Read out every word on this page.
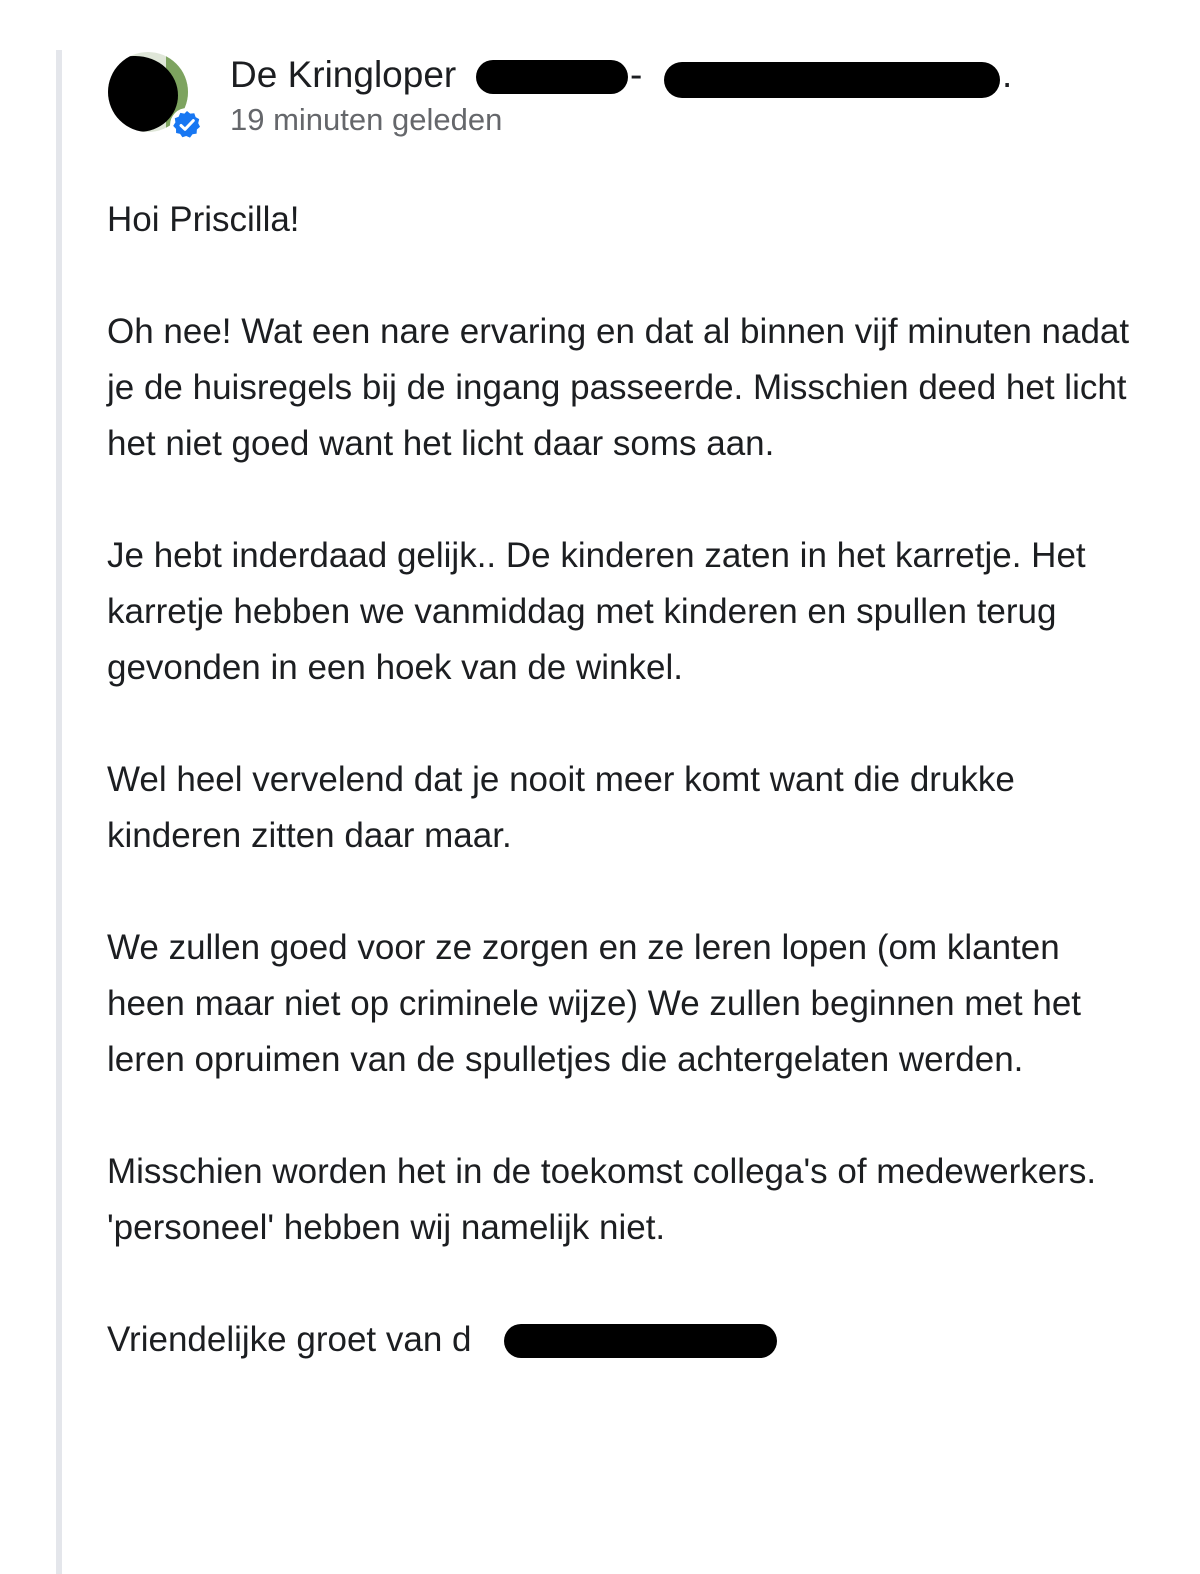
De Kringloper	-	.
19 minuten geleden

Hoi Priscilla!

Oh nee! Wat een nare ervaring en dat al binnen vijf minuten nadat je de huisregels bij de ingang passeerde. Misschien deed het licht het niet goed want het licht daar soms aan.

Je hebt inderdaad gelijk.. De kinderen zaten in het karretje. Het karretje hebben we vanmiddag met kinderen en spullen terug gevonden in een hoek van de winkel.

Wel heel vervelend dat je nooit meer komt want die drukke kinderen zitten daar maar.

We zullen goed voor ze zorgen en ze leren lopen (om klanten heen maar niet op criminele wijze) We zullen beginnen met het leren opruimen van de spulletjes die achtergelaten werden.

Misschien worden het in de toekomst collega's of medewerkers. 'personeel' hebben wij namelijk niet.

Vriendelijke groet van d
